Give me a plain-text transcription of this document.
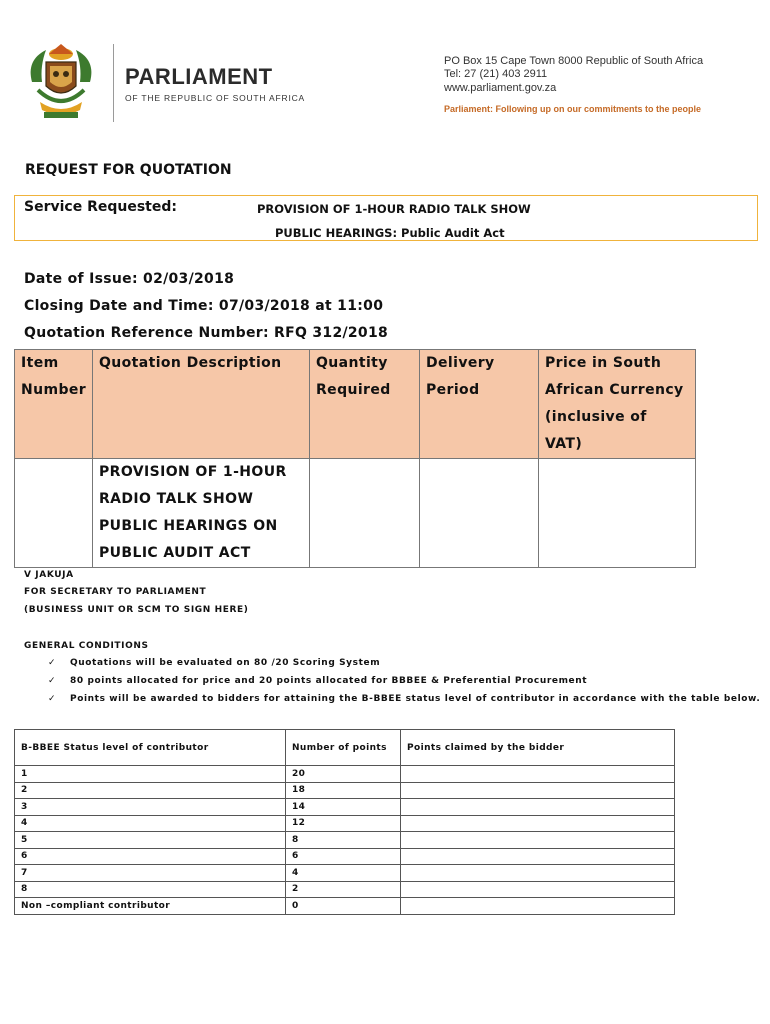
PARLIAMENT
OF THE REPUBLIC OF SOUTH AFRICA
PO Box 15 Cape Town 8000 Republic of South Africa
Tel: 27 (21) 403 2911
www.parliament.gov.za
Parliament: Following up on our commitments to the people
REQUEST FOR QUOTATION
Service Requested:	PROVISION OF 1-HOUR RADIO TALK SHOW
PUBLIC HEARINGS: Public Audit Act
Date of Issue: 02/03/2018
Closing Date and Time: 07/03/2018 at 11:00
Quotation Reference Number: RFQ 312/2018
Item Number	Quotation Description	Quantity Required	Delivery Period	Price in South African Currency (inclusive of VAT)
	PROVISION OF 1-HOUR RADIO TALK SHOW PUBLIC HEARINGS ON PUBLIC AUDIT ACT			
V JAKUJA
FOR SECRETARY TO PARLIAMENT
(BUSINESS UNIT OR SCM TO SIGN HERE)
GENERAL CONDITIONS
✓ Quotations will be evaluated on 80 /20 Scoring System
✓ 80 points allocated for price and 20 points allocated for BBBEE & Preferential Procurement
✓ Points will be awarded to bidders for attaining the B-BBEE status level of contributor in accordance with the table below.
B-BBEE Status level of contributor	Number of points	Points claimed by the bidder
1	20	
2	18	
3	14	
4	12	
5	8	
6	6	
7	4	
8	2	
Non –compliant contributor	0	
